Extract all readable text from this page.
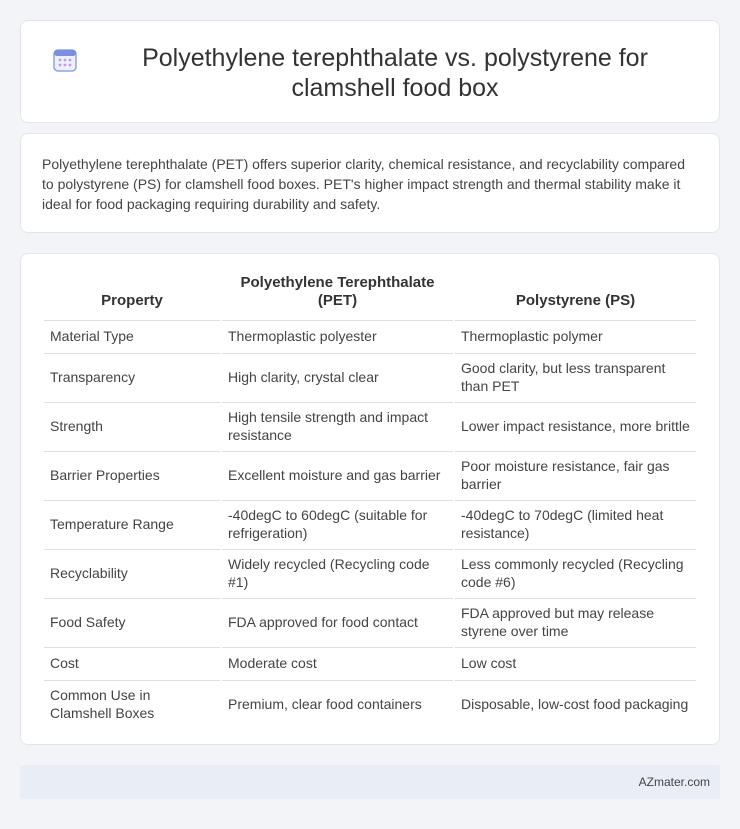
Polyethylene terephthalate vs. polystyrene for clamshell food box

Polyethylene terephthalate (PET) offers superior clarity, chemical resistance, and recyclability compared to polystyrene (PS) for clamshell food boxes. PET's higher impact strength and thermal stability make it ideal for food packaging requiring durability and safety.

Property	Polyethylene Terephthalate (PET)	Polystyrene (PS)
Material Type	Thermoplastic polyester	Thermoplastic polymer
Transparency	High clarity, crystal clear	Good clarity, but less transparent than PET
Strength	High tensile strength and impact resistance	Lower impact resistance, more brittle
Barrier Properties	Excellent moisture and gas barrier	Poor moisture resistance, fair gas barrier
Temperature Range	-40degC to 60degC (suitable for refrigeration)	-40degC to 70degC (limited heat resistance)
Recyclability	Widely recycled (Recycling code #1)	Less commonly recycled (Recycling code #6)
Food Safety	FDA approved for food contact	FDA approved but may release styrene over time
Cost	Moderate cost	Low cost
Common Use in Clamshell Boxes	Premium, clear food containers	Disposable, low-cost food packaging
AZmater.com
